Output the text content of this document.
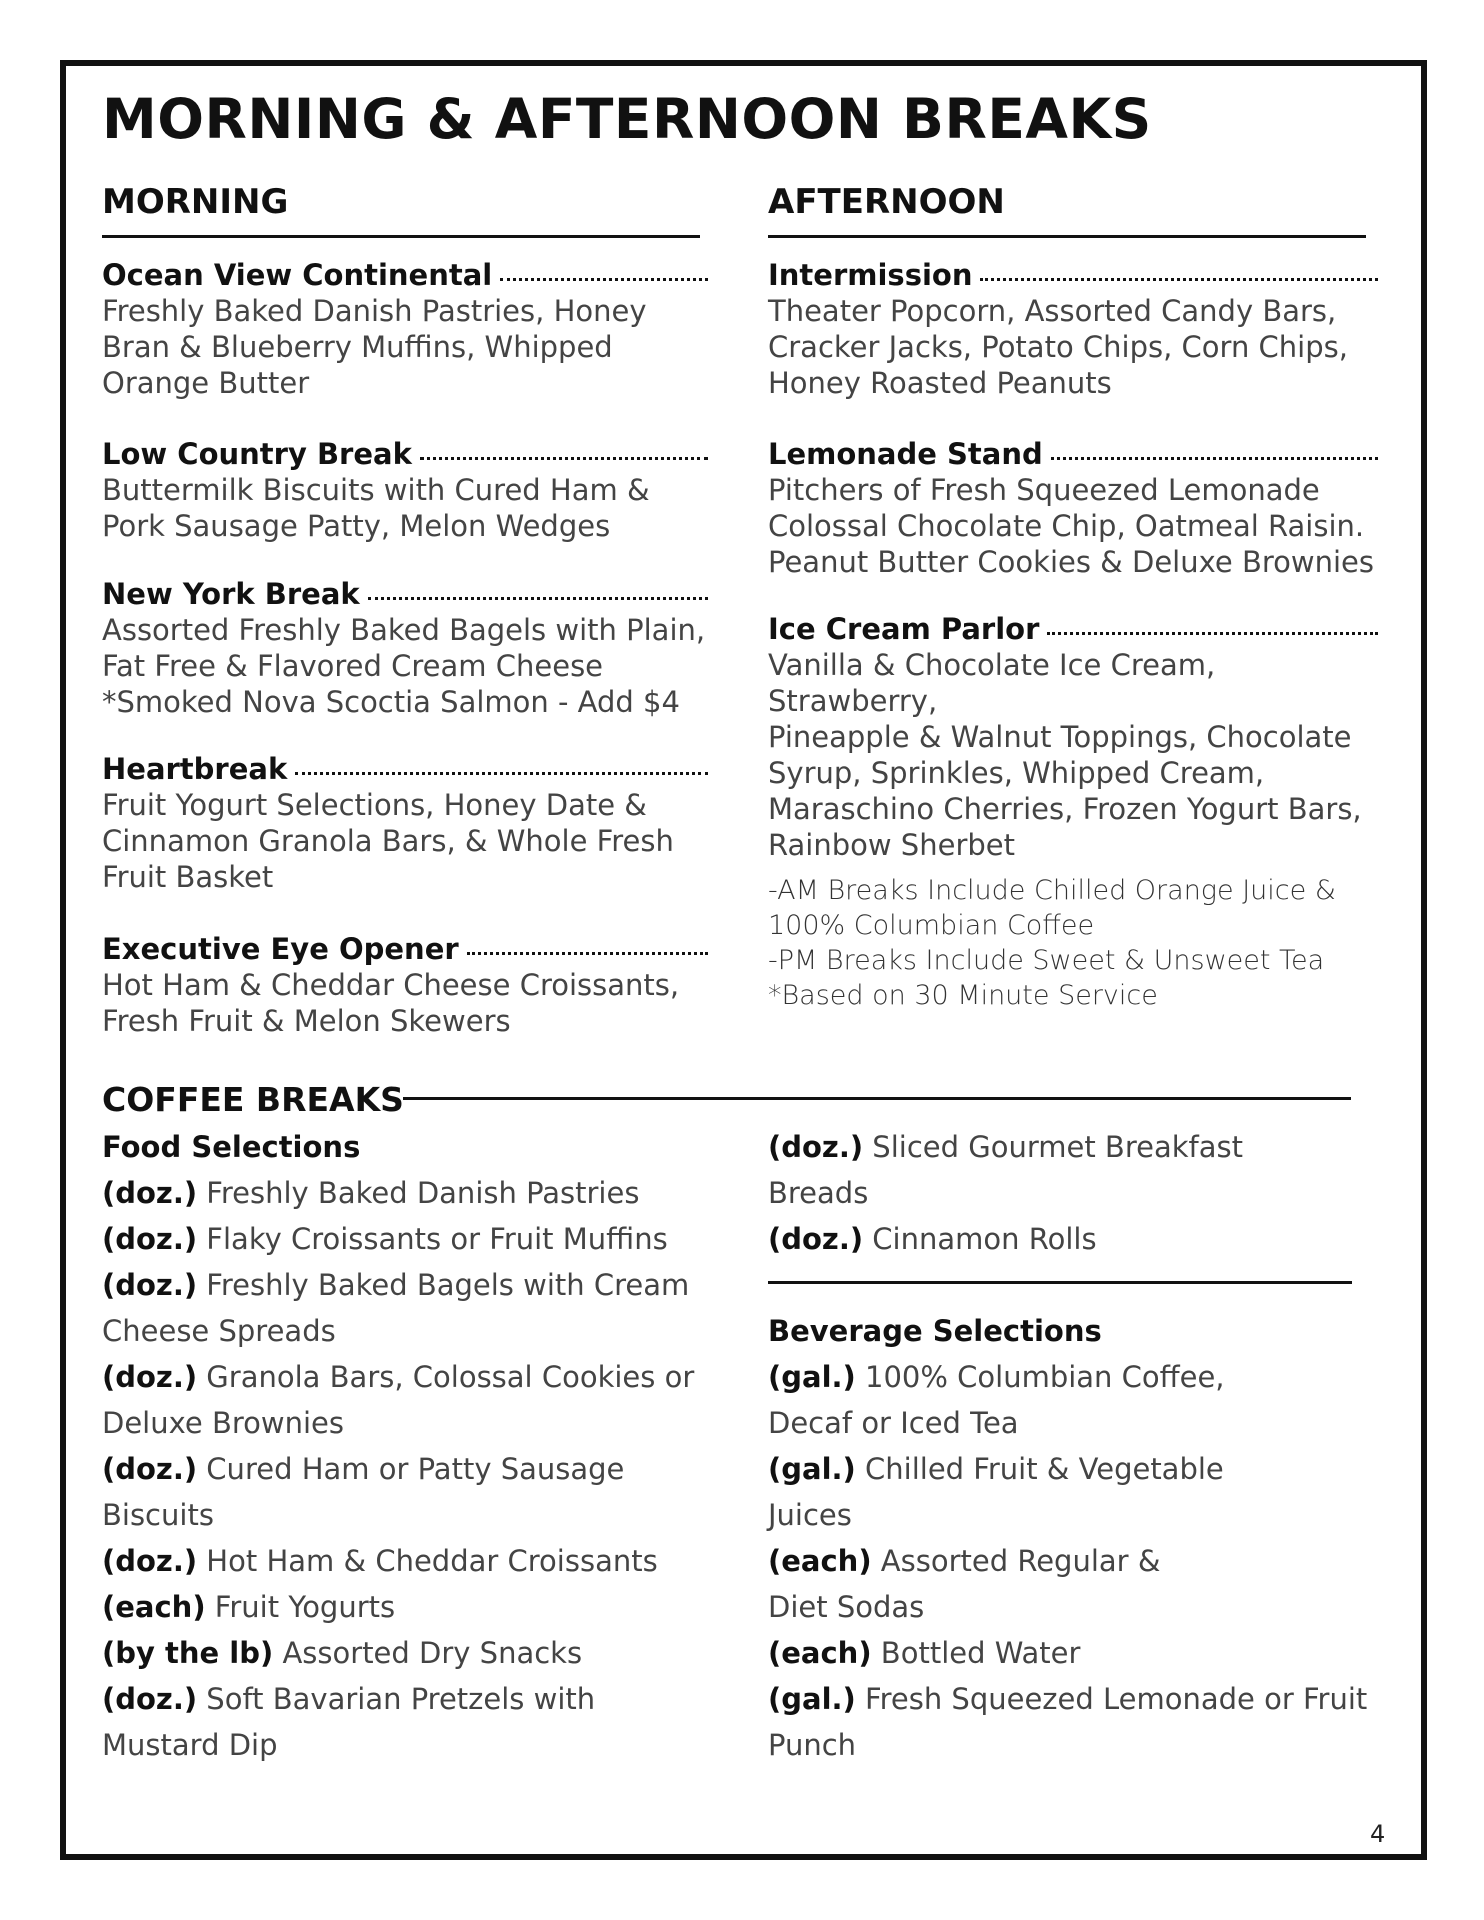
MORNING & AFTERNOON BREAKS
MORNING
Ocean View Continental
Freshly Baked Danish Pastries, Honey
Bran & Blueberry Muffins, Whipped
Orange Butter
Low Country Break
Buttermilk Biscuits with Cured Ham &
Pork Sausage Patty, Melon Wedges
New York Break
Assorted Freshly Baked Bagels with Plain,
Fat Free & Flavored Cream Cheese
*Smoked Nova Scoctia Salmon - Add $4
Heartbreak
Fruit Yogurt Selections, Honey Date &
Cinnamon Granola Bars, & Whole Fresh
Fruit Basket
Executive Eye Opener
Hot Ham & Cheddar Cheese Croissants,
Fresh Fruit & Melon Skewers
AFTERNOON
Intermission
Theater Popcorn, Assorted Candy Bars,
Cracker Jacks, Potato Chips, Corn Chips,
Honey Roasted Peanuts
Lemonade Stand
Pitchers of Fresh Squeezed Lemonade
Colossal Chocolate Chip, Oatmeal Raisin.
Peanut Butter Cookies & Deluxe Brownies
Ice Cream Parlor
Vanilla & Chocolate Ice Cream, Strawberry,
Pineapple & Walnut Toppings, Chocolate
Syrup, Sprinkles, Whipped Cream,
Maraschino Cherries, Frozen Yogurt Bars,
Rainbow Sherbet
-AM Breaks Include Chilled Orange Juice &
100% Columbian Coffee
-PM Breaks Include Sweet & Unsweet Tea
*Based on 30 Minute Service
COFFEE BREAKS
Food Selections
(doz.) Freshly Baked Danish Pastries
(doz.) Flaky Croissants or Fruit Muffins
(doz.) Freshly Baked Bagels with Cream
Cheese Spreads
(doz.) Granola Bars, Colossal Cookies or
Deluxe Brownies
(doz.) Cured Ham or Patty Sausage
Biscuits
(doz.) Hot Ham & Cheddar Croissants
(each) Fruit Yogurts
(by the lb) Assorted Dry Snacks
(doz.) Soft Bavarian Pretzels with
Mustard Dip
(doz.) Sliced Gourmet Breakfast
Breads
(doz.) Cinnamon Rolls
Beverage Selections
(gal.) 100% Columbian Coffee,
Decaf or Iced Tea
(gal.) Chilled Fruit & Vegetable
Juices
(each) Assorted Regular &
Diet Sodas
(each) Bottled Water
(gal.) Fresh Squeezed Lemonade or Fruit
Punch
4
